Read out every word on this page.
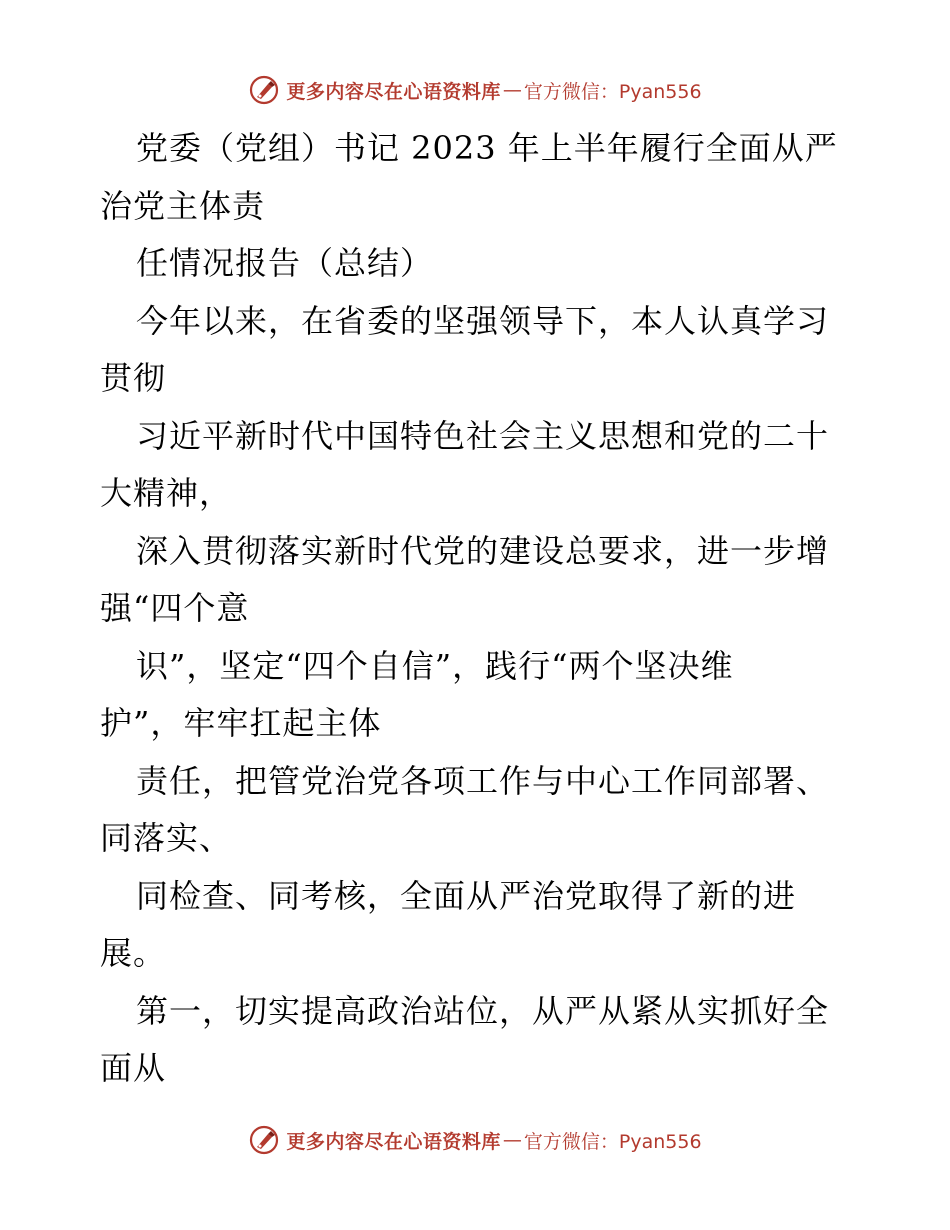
更多内容尽在心语资料库 — 官方微信：Pyan556
党委（党组）书记 2023 年上半年履行全面从严
治党主体责
任情况报告（总结）
今年以来，在省委的坚强领导下，本人认真学习
贯彻
习近平新时代中国特色社会主义思想和党的二十
大精神，
深入贯彻落实新时代党的建设总要求，进一步增
强“四个意
识”，坚定“四个自信”，践行“两个坚决维
护”，牢牢扛起主体
责任，把管党治党各项工作与中心工作同部署、
同落实、
同检查、同考核，全面从严治党取得了新的进
展。
第一，切实提高政治站位，从严从紧从实抓好全
面从
更多内容尽在心语资料库 — 官方微信：Pyan556
